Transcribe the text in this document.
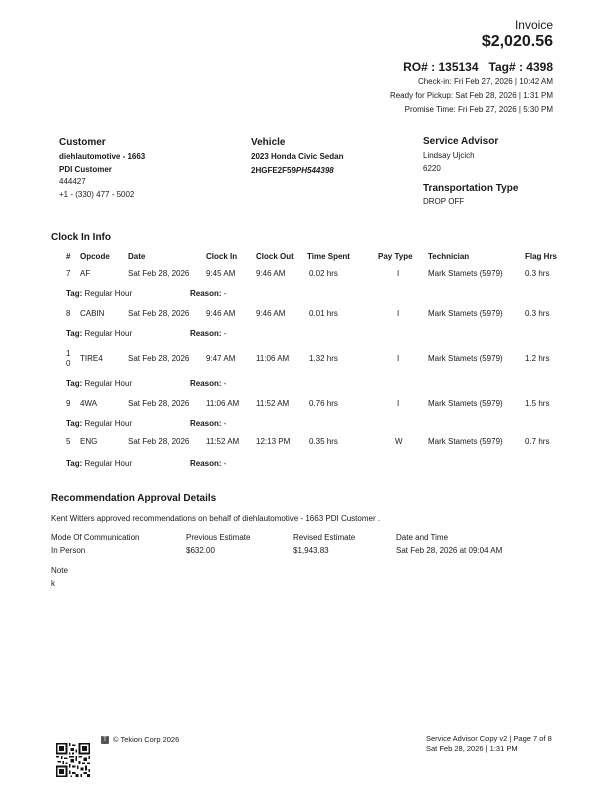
Invoice
$2,020.56
RO# : 135134   Tag# : 4398
Check-in: Fri Feb 27, 2026 | 10:42 AM
Ready for Pickup: Sat Feb 28, 2026 | 1:31 PM
Promise Time: Fri Feb 27, 2026 | 5:30 PM
Customer
diehlautomotive - 1663
PDI Customer
444427
+1 - (330) 477 - 5002
Vehicle
2023 Honda Civic Sedan
2HGFE2F59PH544398
Service Advisor
Lindsay Ujcich
6220
Transportation Type
DROP OFF
Clock In Info
# Opcode Date	Clock In Clock Out Time Spent	Pay Type Technician	Flag Hrs
7 AF	Sat Feb 28, 2026 9:45 AM	9:46 AM	0.02 hrs	I	Mark Stamets (5979)	0.3 hrs
Tag: Regular Hour	Reason: -
8 CABIN	Sat Feb 28, 2026 9:46 AM	9:46 AM	0.01 hrs	I	Mark Stamets (5979)	0.3 hrs
Tag: Regular Hour	Reason: -
10
TIRE4	Sat Feb 28, 2026 9:47 AM	11:06 AM 1.32 hrs	I	Mark Stamets (5979)	1.2 hrs
Tag: Regular Hour	Reason: -
9 4WA	Sat Feb 28, 2026 11:06 AM 11:52 AM 0.76 hrs	I	Mark Stamets (5979)	1.5 hrs
Tag: Regular Hour	Reason: -
5 ENG	Sat Feb 28, 2026 11:52 AM 12:13 PM 0.35 hrs	W	Mark Stamets (5979)	0.7 hrs
Tag: Regular Hour	Reason: -
Recommendation Approval Details
Kent Witters approved recommendations on behalf of diehlautomotive - 1663 PDI Customer .
Mode Of Communication	Previous Estimate	Revised Estimate	Date and Time
In Person	$632.00	$1,943.83	Sat Feb 28, 2026 at 09:04 AM
Note
k
T © Tekion Corp 2026	Service Advisor Copy v2 | Page 7 of 8
Sat Feb 28, 2026 | 1:31 PM
